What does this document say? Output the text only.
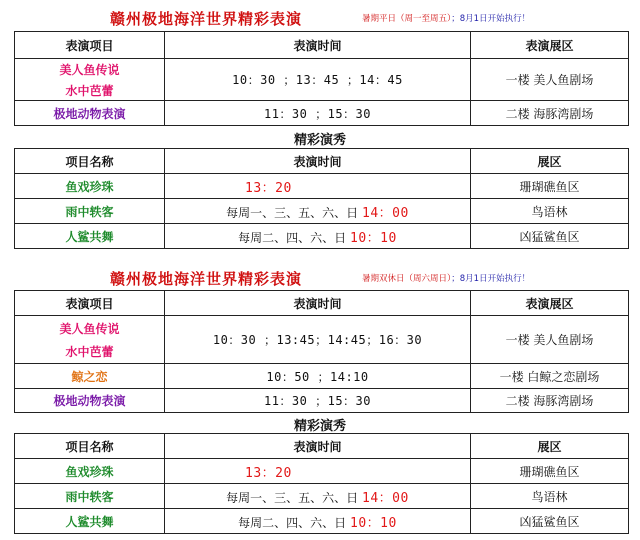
赣州极地海洋世界精彩表演	暑期平日（周一至周五）；8月1日开始执行！
表演项目	表演时间	表演展区

美人鱼传说
水中芭蕾	10：30 ；13：45 ；14：45	一楼 美人鱼剧场
极地动物表演	11：30 ；15：30	二楼 海豚湾剧场
精彩演秀
项目名称	表演时间	展区
鱼戏珍珠	13：20	珊瑚礁鱼区
雨中轶客	每周一、三、五、六、日 14：00	鸟语林
人鲨共舞	每周二、四、六、日 10：10	凶猛鲨鱼区
赣州极地海洋世界精彩表演	暑期双休日（周六周日）；8月1日开始执行！
表演项目	表演时间	表演展区

美人鱼传说
水中芭蕾	10：30 ；13:45；14:45；16：30	一楼 美人鱼剧场
鲸之恋	10：50 ；14:10	一楼 白鲸之恋剧场
极地动物表演	11：30 ；15：30	二楼 海豚湾剧场
精彩演秀
项目名称	表演时间	展区
鱼戏珍珠	13：20	珊瑚礁鱼区
雨中轶客	每周一、三、五、六、日 14：00	鸟语林
人鲨共舞	每周二、四、六、日 10：10	凶猛鲨鱼区
